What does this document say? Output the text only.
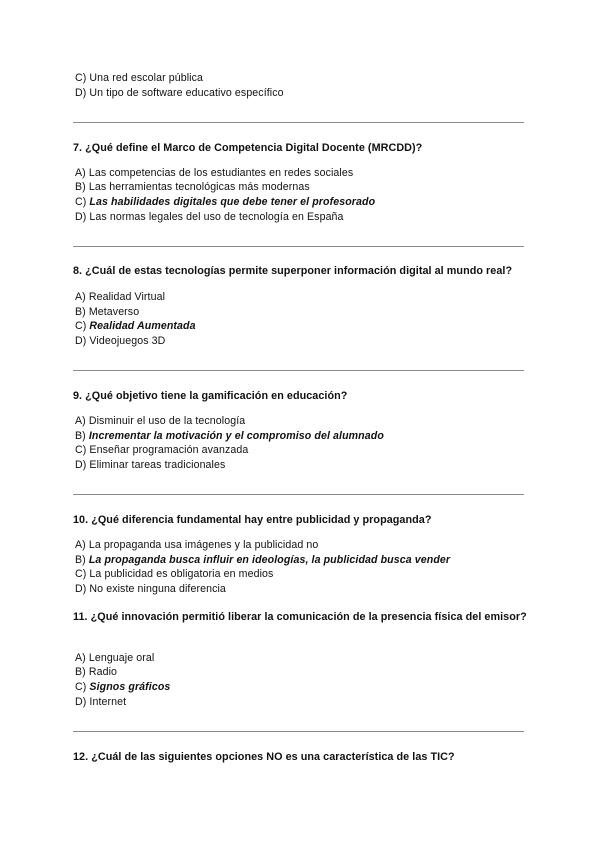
C) Una red escolar pública
D) Un tipo de software educativo específico
7. ¿Qué define el Marco de Competencia Digital Docente (MRCDD)?
A) Las competencias de los estudiantes en redes sociales
B) Las herramientas tecnológicas más modernas
C) Las habilidades digitales que debe tener el profesorado
D) Las normas legales del uso de tecnología en España
8. ¿Cuál de estas tecnologías permite superponer información digital al mundo real?
A) Realidad Virtual
B) Metaverso
C) Realidad Aumentada
D) Videojuegos 3D
9. ¿Qué objetivo tiene la gamificación en educación?
A) Disminuir el uso de la tecnología
B) Incrementar la motivación y el compromiso del alumnado
C) Enseñar programación avanzada
D) Eliminar tareas tradicionales
10. ¿Qué diferencia fundamental hay entre publicidad y propaganda?
A) La propaganda usa imágenes y la publicidad no
B) La propaganda busca influir en ideologías, la publicidad busca vender
C) La publicidad es obligatoria en medios
D) No existe ninguna diferencia
11. ¿Qué innovación permitió liberar la comunicación de la presencia física del emisor?
A) Lenguaje oral
B) Radio
C) Signos gráficos
D) Internet
12. ¿Cuál de las siguientes opciones NO es una característica de las TIC?
